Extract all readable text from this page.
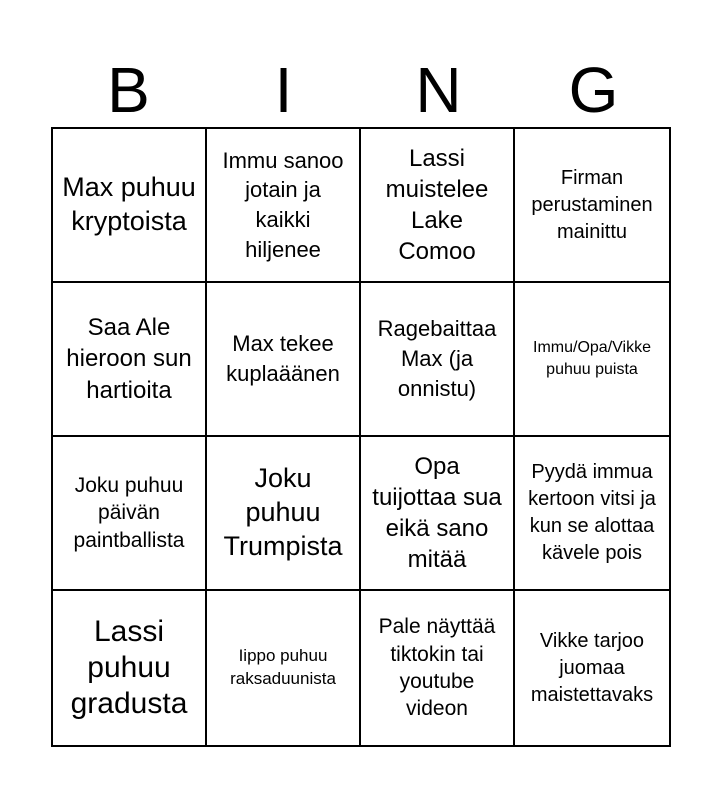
B	I	N	G
Max puhuu kryptoista
Immu sanoo jotain ja kaikki hiljenee
Lassi muistelee Lake Comoo
Firman perustaminen mainittu
Saa Ale hieroon sun hartioita
Max tekee kuplaäänen
Ragebaittaa Max (ja onnistu)
Immu/Opa/Vikke puhuu puista
Joku puhuu päivän paintballista
Joku puhuu Trumpista
Opa tuijottaa sua eikä sano mitää
Pyydä immua kertoon vitsi ja kun se alottaa kävele pois
Lassi puhuu gradusta
Iippo puhuu raksaduunista
Pale näyttää tiktokin tai youtube videon
Vikke tarjoo juomaa maistettavaks
